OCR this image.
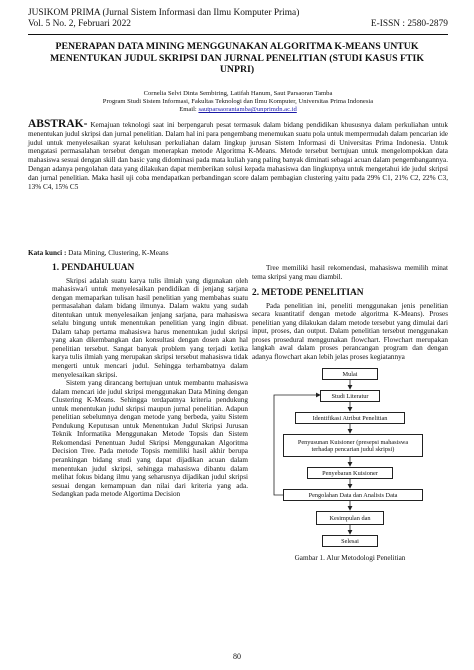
JUSIKOM PRIMA (Jurnal Sistem Informasi dan Ilmu Komputer Prima)
Vol. 5 No. 2, Februari 2022	E-ISSN : 2580-2879
PENERAPAN DATA MINING MENGGUNAKAN ALGORITMA K-MEANS UNTUK MENENTUKAN JUDUL SKRIPSI DAN JURNAL PENELITIAN (STUDI KASUS FTIK UNPRI)
Cornelia Selvi Dinta Sembiring, Latifah Hanum, Saut Parsaoran Tamba
Program Studi Sistem Informasi, Fakultas Teknologi dan Ilmu Komputer, Universitas Prima Indonesia
Email: sautparsaorantamba@unprimdn.ac.id
ABSTRAK- Kemajuan teknologi saat ini berpengaruh pesat termasuk dalam bidang pendidikan khususnya dalam perkuliahan untuk menentukan judul skripsi dan jurnal penelitian. Dalam hal ini para pengembang menemukan suatu pola untuk mempermudah dalam pencarian ide judul untuk menyelesaikan syarat kelulusan perkuliahan dalam lingkup jurusan Sistem Informasi di Universitas Prima Indonesia. Untuk mengatasi permasalahan tersebut dengan menerapkan metode Algoritma K-Means. Metode tersebut bertujuan untuk mengelompokkan data mahasiswa sesuai dengan skill dan basic yang didominasi pada mata kuliah yang paling banyak diminati sebagai acuan dalam pengembangannya. Dengan adanya pengolahan data yang dilakukan dapat memberikan solusi kepada mahasiswa dan lingkupnya untuk mengetahui ide judul skripsi dan jurnal penelitian. Maka hasil uji coba mendapatkan perbandingan score dalam pembagian clustering yaitu pada 29% C1, 21% C2, 22% C3, 13% C4, 15% C5
Kata kunci : Data Mining, Clustering, K-Means
1. PENDAHULUAN

Skripsi adalah suatu karya tulis ilmiah yang digunakan oleh mahasiswa/i untuk menyelesaikan pendidikan di jenjang sarjana dengan memaparkan tulisan hasil penelitian yang membahas suatu permasalahan dalam bidang ilmunya. Dalam waktu yang sudah ditentukan untuk menyelesaikan jenjang sarjana, para mahasiswa selalu bingung untuk menentukan penelitian yang ingin dibuat. Dalam tahap pertama mahasiswa harus menentukan judul skripsi yang akan dikembangkan dan konsultasi dengan dosen akan hal penelitian tersebut. Sangat banyak problem yang terjadi ketika karya tulis ilmiah yang merupakan skripsi tersebut mahasiswa tidak mengerti untuk mencari judul. Sehingga terhambatnya dalam menyelesaikan skripsi.

Sistem yang dirancang bertujuan untuk membantu mahasiswa dalam mencari ide judul skripsi menggunakan Data Mining dengan Clustering K-Means. Sehingga terdapatnya kriteria pendukung untuk menentukan judul skripsi maupun jurnal penelitian. Adapun penelitian sebelumnya dengan metode yang berbeda, yaitu Sistem Pendukung Keputusan untuk Menentukan Judul Skripsi Jurusan Teknik Informatika Menggunakan Metode Topsis dan Sistem Rekomendasi Penentuan Judul Skripsi Menggunakan Algoritma Decision Tree. Pada metode Topsis memiliki hasil akhir berupa perankingan bidang studi yang dapat dijadikan acuan dalam menentukan judul skripsi, sehingga mahasiswa dibantu dalam melihat fokus bidang ilmu yang seharusnya dijadikan judul skripsi sesuai dengan kemampuan dan nilai dari kriteria yang ada. Sedangkan pada metode Algortima Decision

Tree memiliki hasil rekomendasi, mahasiswa memilih minat tema skripsi yang mau diambil.

2. METODE PENELITIAN

Pada penelitian ini, peneliti menggunakan jenis penelitian secara kuantitatif dengan metode algoritma K-Means). Proses penelitian yang dilakukan dalam metode tersebut yang dimulai dari input, proses, dan output. Dalam penelitian tersebut menggunakan proses prosedural menggunakan flowchart. Flowchart merupakan langkah awal dalam proses perancangan program dan dengan adanya flowchart akan lebih jelas proses kegiatannya

Mulai
Studi Literatur
Identifikasi Atribut Penelitian
Penyusunan Kuisioner (presepsi mahasiswa terhadap pencarian judul skripsi)
Penyebaran Kuisioner
Pengolahan Data dan Analisis Data
Kesimpulan dan
Selesai
Gambar 1. Alur Metodologi Penelitian
80
